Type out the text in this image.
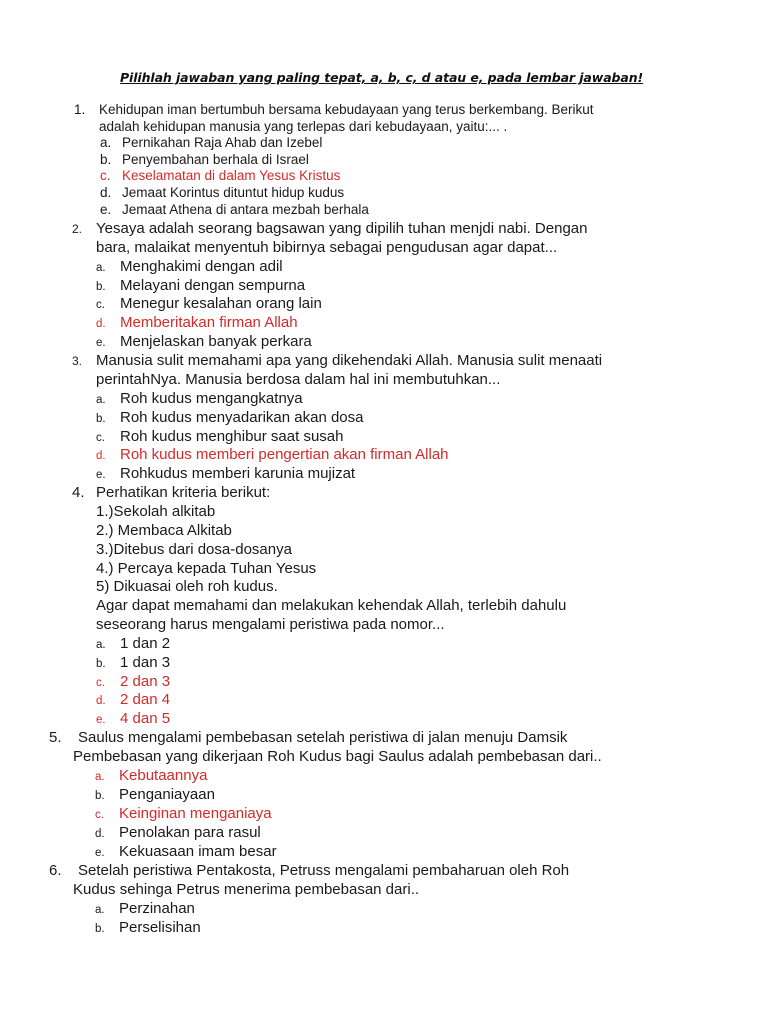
Pilihlah jawaban yang paling tepat, a, b, c, d atau e, pada lembar jawaban!
1. Kehidupan iman bertumbuh bersama kebudayaan yang terus berkembang. Berikut
adalah kehidupan manusia yang terlepas dari kebudayaan, yaitu:... .
a. Pernikahan Raja Ahab dan Izebel
b. Penyembahan berhala di Israel
c. Keselamatan di dalam Yesus Kristus
d. Jemaat Korintus dituntut hidup kudus
e. Jemaat Athena di antara mezbah berhala
2. Yesaya adalah seorang bagsawan yang dipilih tuhan menjdi nabi. Dengan
bara, malaikat menyentuh bibirnya sebagai pengudusan agar dapat...
a. Menghakimi dengan adil
b. Melayani dengan sempurna
c. Menegur kesalahan orang lain
d. Memberitakan firman Allah
e. Menjelaskan banyak perkara
3. Manusia sulit memahami apa yang dikehendaki Allah. Manusia sulit menaati
perintahNya. Manusia berdosa dalam hal ini membutuhkan...
a. Roh kudus mengangkatnya
b. Roh kudus menyadarikan akan dosa
c. Roh kudus menghibur saat susah
d. Roh kudus memberi pengertian akan firman Allah
e. Rohkudus memberi karunia mujizat
4. Perhatikan kriteria berikut:
1.)Sekolah alkitab
2.) Membaca Alkitab
3.)Ditebus dari dosa-dosanya
4.) Percaya kepada Tuhan Yesus
5) Dikuasai oleh roh kudus.
Agar dapat memahami dan melakukan kehendak Allah, terlebih dahulu
seseorang harus mengalami peristiwa pada nomor...
a. 1 dan 2
b. 1 dan 3
c. 2 dan 3
d. 2 dan 4
e. 4 dan 5
5. Saulus mengalami pembebasan setelah peristiwa di jalan menuju Damsik
Pembebasan yang dikerjaan Roh Kudus bagi Saulus adalah pembebasan dari..
a. Kebutaannya
b. Penganiayaan
c. Keinginan menganiaya
d. Penolakan para rasul
e. Kekuasaan imam besar
6. Setelah peristiwa Pentakosta, Petruss mengalami pembaharuan oleh Roh
Kudus sehinga Petrus menerima pembebasan dari..
a. Perzinahan
b. Perselisihan
